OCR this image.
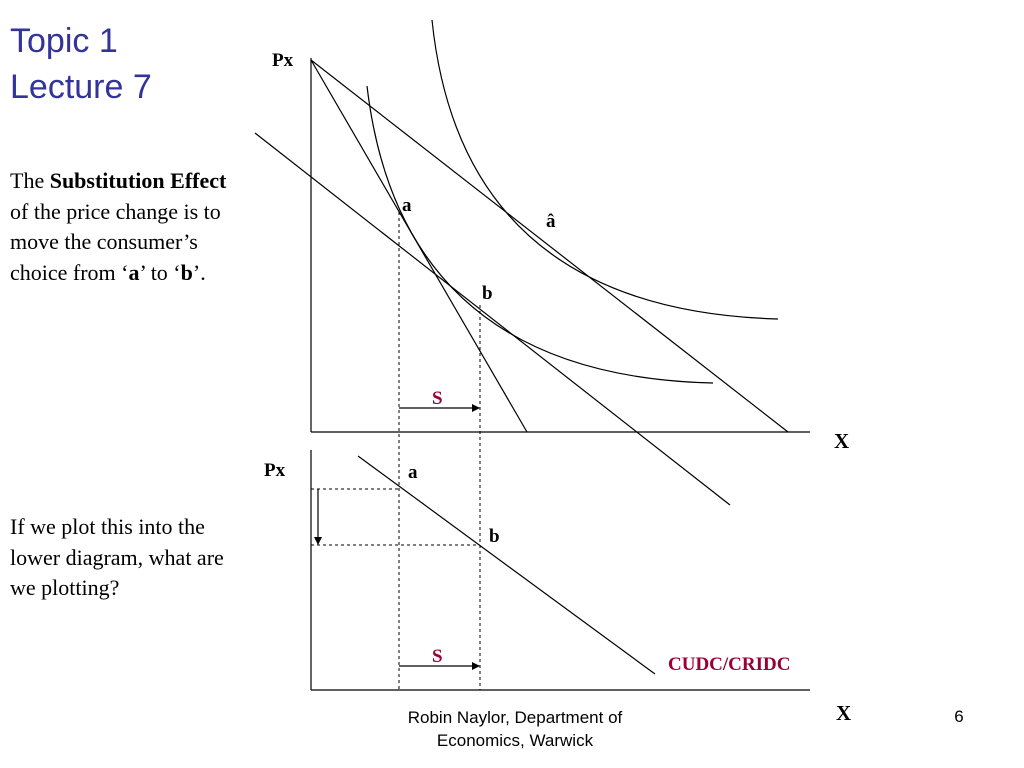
Topic 1
Lecture 7

The Substitution Effect of the price change is to move the consumer’s choice from ‘a’ to ‘b’.

If we plot this into the lower diagram, what are we plotting?

Px
X
a
â
b
S
Px
X
a
b
S	CUDC/CRIDC
Robin Naylor, Department of
Economics, Warwick
6
